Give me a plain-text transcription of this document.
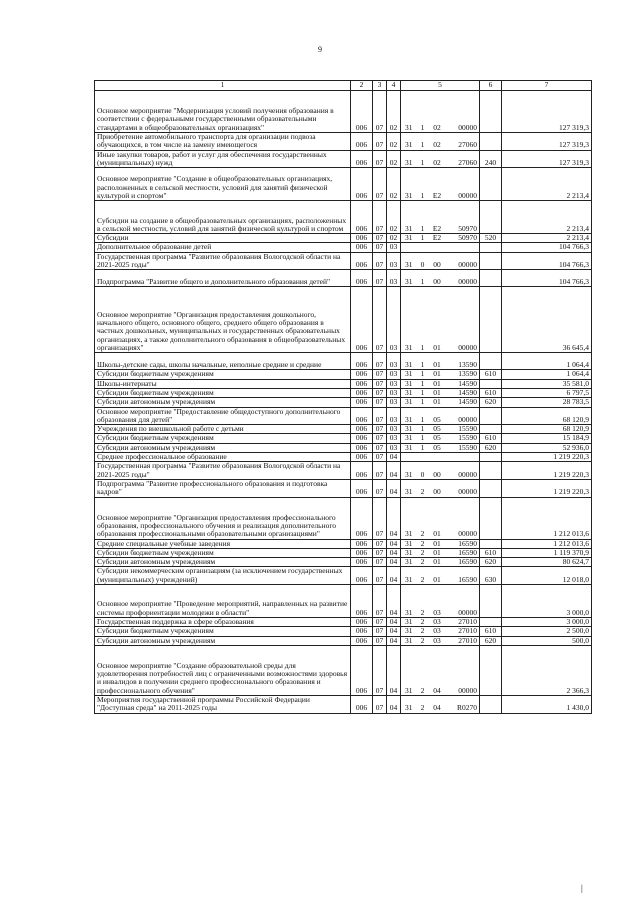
9
1	2	3	4	5				6	7
Основное мероприятие "Модернизация условий получения образования в соответствии с федеральными государственными образовательными стандартами в общеобразовательных организациях"	006	07	02	31	1	02	00000		127 319,3
Приобретение автомобильного транспорта для организации подвоза обучающихся, в том числе на замену имеющегося	006	07	02	31	1	02	27060		127 319,3
Иные закупки товаров, работ и услуг для обеспечения государственных (муниципальных) нужд	006	07	02	31	1	02	27060	240	127 319,3
Основное мероприятие "Создание в общеобразовательных организациях, расположенных в сельской местности, условий для занятий физической культурой и спортом"	006	07	02	31	1	E2	00000		2 213,4
Субсидии на создание в общеобразовательных организациях, расположенных в сельской местности, условий для занятий физической культурой и спортом	006	07	02	31	1	E2	50970		2 213,4
Субсидии	006	07	02	31	1	E2	50970	520	2 213,4
Дополнительное образование детей	006	07	03						104 766,3
Государственная программа "Развитие образования Вологодской области на 2021-2025 годы"	006	07	03	31	0	00	00000		104 766,3
Подпрограмма "Развитие общего и дополнительного образования детей"	006	07	03	31	1	00	00000		104 766,3
Основное мероприятие "Организация предоставления дошкольного, начального общего, основного общего, среднего общего образования в частных дошкольных, муниципальных и государственных образовательных организациях, а также дополнительного образования в общеобразовательных организациях"	006	07	03	31	1	01	00000		36 645,4
Школы-детские сады, школы начальные, неполные средние и средние	006	07	03	31	1	01	13590		1 064,4
Субсидии бюджетным учреждениям	006	07	03	31	1	01	13590	610	1 064,4
Школы-интернаты	006	07	03	31	1	01	14590		35 581,0
Субсидии бюджетным учреждениям	006	07	03	31	1	01	14590	610	6 797,5
Субсидии автономным учреждениям	006	07	03	31	1	01	14590	620	28 783,5
Основное мероприятие "Предоставление общедоступного дополнительного образования для детей"	006	07	03	31	1	05	00000		68 120,9
Учреждения по внешкольной работе с детьми	006	07	03	31	1	05	15590		68 120,9
Субсидии бюджетным учреждениям	006	07	03	31	1	05	15590	610	15 184,9
Субсидии автономным учреждениям	006	07	03	31	1	05	15590	620	52 936,0
Среднее профессиональное образование	006	07	04						1 219 220,3
Государственная программа "Развитие образования Вологодской области на 2021-2025 годы"	006	07	04	31	0	00	00000		1 219 220,3
Подпрограмма "Развитие профессионального образования и подготовка кадров"	006	07	04	31	2	00	00000		1 219 220,3
Основное мероприятие "Организация предоставления профессионального образования, профессионального обучения и реализация дополнительного образования профессиональными образовательными организациями"	006	07	04	31	2	01	00000		1 212 013,6
Средние специальные учебные заведения	006	07	04	31	2	01	16590		1 212 013,6
Субсидии бюджетным учреждениям	006	07	04	31	2	01	16590	610	1 119 370,9
Субсидии автономным учреждениям	006	07	04	31	2	01	16590	620	80 624,7
Субсидии некоммерческим организациям (за исключением государственных (муниципальных) учреждений)	006	07	04	31	2	01	16590	630	12 018,0
Основное мероприятие "Проведение мероприятий, направленных на развитие системы профориентации молодежи в области"	006	07	04	31	2	03	00000		3 000,0
Государственная поддержка в сфере образования	006	07	04	31	2	03	27010		3 000,0
Субсидии бюджетным учреждениям	006	07	04	31	2	03	27010	610	2 500,0
Субсидии автономным учреждениям	006	07	04	31	2	03	27010	620	500,0
Основное мероприятие "Создание образовательной среды для удовлетворения потребностей лиц с ограниченными возможностями здоровья и инвалидов в получении среднего профессионального образования и профессионального обучения"	006	07	04	31	2	04	00000		2 366,3
Мероприятия государственной программы Российской Федерации "Доступная среда" на 2011-2025 годы	006	07	04	31	2	04	R0270		1 430,0
|
